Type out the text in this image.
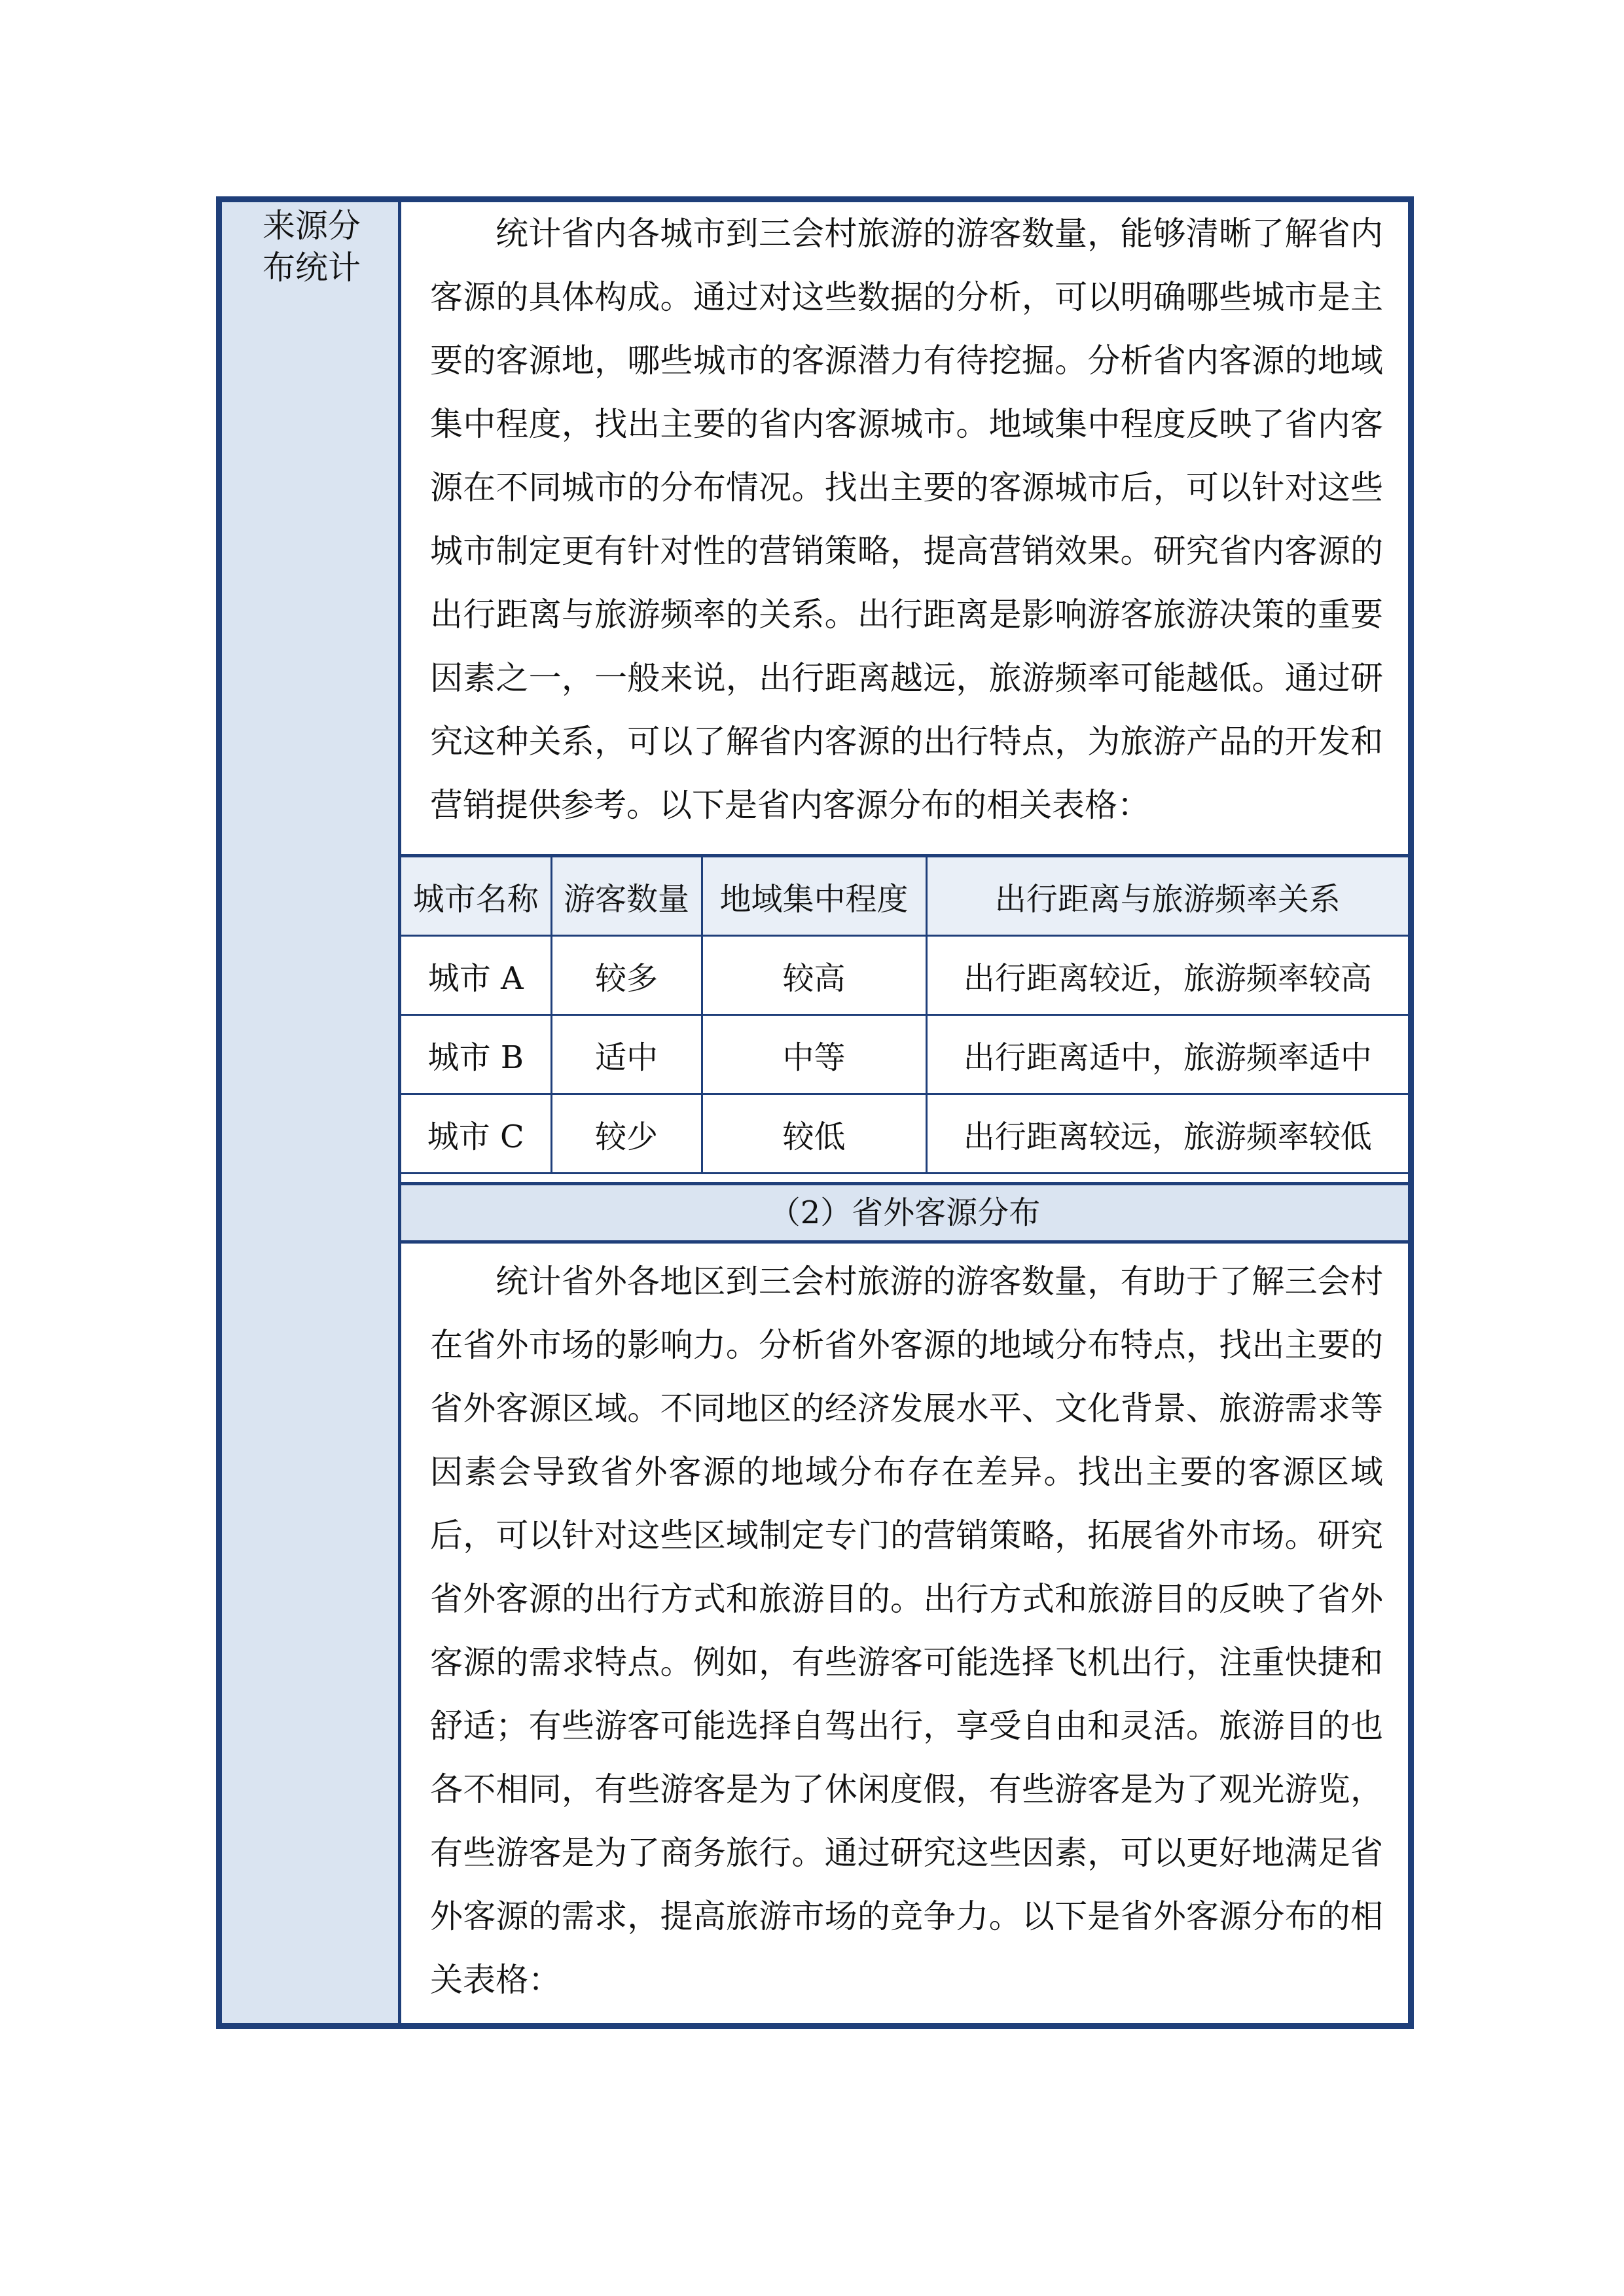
来源分布统计
统计省内各城市到三会村旅游的游客数量，能够清晰了解省内客源的具体构成。通过对这些数据的分析，可以明确哪些城市是主要的客源地，哪些城市的客源潜力有待挖掘。分析省内客源的地域集中程度，找出主要的省内客源城市。地域集中程度反映了省内客源在不同城市的分布情况。找出主要的客源城市后，可以针对这些城市制定更有针对性的营销策略，提高营销效果。研究省内客源的出行距离与旅游频率的关系。出行距离是影响游客旅游决策的重要因素之一，一般来说，出行距离越远，旅游频率可能越低。通过研究这种关系，可以了解省内客源的出行特点，为旅游产品的开发和营销提供参考。以下是省内客源分布的相关表格：
城市名称	游客数量	地域集中程度	出行距离与旅游频率关系
城市 A	较多	较高	出行距离较近，旅游频率较高
城市 B	适中	中等	出行距离适中，旅游频率适中
城市 C	较少	较低	出行距离较远，旅游频率较低
（2）省外客源分布
统计省外各地区到三会村旅游的游客数量，有助于了解三会村在省外市场的影响力。分析省外客源的地域分布特点，找出主要的省外客源区域。不同地区的经济发展水平、文化背景、旅游需求等因素会导致省外客源的地域分布存在差异。找出主要的客源区域后，可以针对这些区域制定专门的营销策略，拓展省外市场。研究省外客源的出行方式和旅游目的。出行方式和旅游目的反映了省外客源的需求特点。例如，有些游客可能选择飞机出行，注重快捷和舒适；有些游客可能选择自驾出行，享受自由和灵活。旅游目的也各不相同，有些游客是为了休闲度假，有些游客是为了观光游览，有些游客是为了商务旅行。通过研究这些因素，可以更好地满足省外客源的需求，提高旅游市场的竞争力。以下是省外客源分布的相关表格：
